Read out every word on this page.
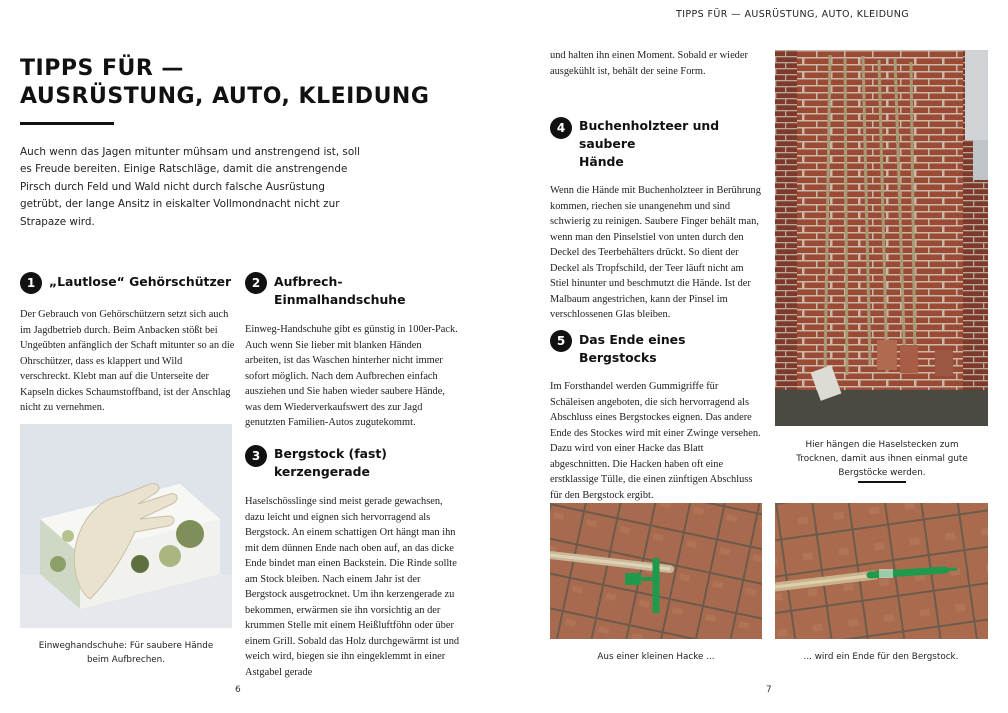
TIPPS FÜR — AUSRÜSTUNG, AUTO, KLEIDUNG
TIPPS FÜR —
AUSRÜSTUNG, AUTO, KLEIDUNG
Auch wenn das Jagen mitunter mühsam und anstrengend ist, soll es Freude bereiten. Einige Ratschläge, damit die anstrengende Pirsch durch Feld und Wald nicht durch falsche Ausrüstung getrübt, der lange Ansitz in eiskalter Vollmondnacht nicht zur Strapaze wird.
1	„Lautlose“ Gehörschützer
Der Gebrauch von Gehörschützern setzt sich auch im Jagdbetrieb durch. Beim Anbacken stößt bei Ungeübten anfänglich der Schaft mitunter so an die Ohrschützer, dass es klappert und Wild verschreckt. Klebt man auf die Unterseite der Kapseln dickes Schaumstoffband, ist der Anschlag nicht zu vernehmen.
2	Aufbrech-Einmalhandschuhe
Einweg-Handschuhe gibt es günstig in 100er-Pack. Auch wenn Sie lieber mit blanken Händen arbeiten, ist das Waschen hinterher nicht immer sofort möglich. Nach dem Aufbrechen einfach ausziehen und Sie haben wieder saubere Hände, was dem Wiederverkaufswert des zur Jagd genutzten Familien-Autos zugutekommt.
Einweghandschuhe: Für saubere Hände beim Aufbrechen.
3	Bergstock (fast)
kerzengerade
Haselschösslinge sind meist gerade gewachsen, dazu leicht und eignen sich hervorragend als Bergstock. An einem schattigen Ort hängt man ihn mit dem dünnen Ende nach oben auf, an das dicke Ende bindet man einen Backstein. Die Rinde sollte am Stock bleiben. Nach einem Jahr ist der Bergstock ausgetrocknet. Um ihn kerzengerade zu bekommen, erwärmen sie ihn vorsichtig an der krummen Stelle mit einem Heißluftföhn oder über einem Grill. Sobald das Holz durchgewärmt ist und weich wird, biegen sie ihn eingeklemmt in einer Astgabel gerade
6
und halten ihn einen Moment. Sobald er wieder ausgekühlt ist, behält der seine Form.
4	Buchenholzteer und saubere
Hände
Wenn die Hände mit Buchenholzteer in Berührung kommen, riechen sie unangenehm und sind schwierig zu reinigen. Saubere Finger behält man, wenn man den Pinselstiel von unten durch den Deckel des Teerbehälters drückt. So dient der Deckel als Tropfschild, der Teer läuft nicht am Stiel hinunter und beschmutzt die Hände. Ist der Malbaum angestrichen, kann der Pinsel im verschlossenen Glas bleiben.
5	Das Ende eines Bergstocks
Im Forsthandel werden Gummigriffe für Schäleisen angeboten, die sich hervorragend als Abschluss eines Bergstockes eignen. Das andere Ende des Stockes wird mit einer Zwinge versehen. Dazu wird von einer Hacke das Blatt abgeschnitten. Die Hacken haben oft eine erstklassige Tülle, die einen zünftigen Abschluss für den Bergstock ergibt.
Hier hängen die Haselstecken zum Trocknen, damit aus ihnen einmal gute Bergstöcke werden.
Aus einer kleinen Hacke ...	... wird ein Ende für den Bergstock.
7
